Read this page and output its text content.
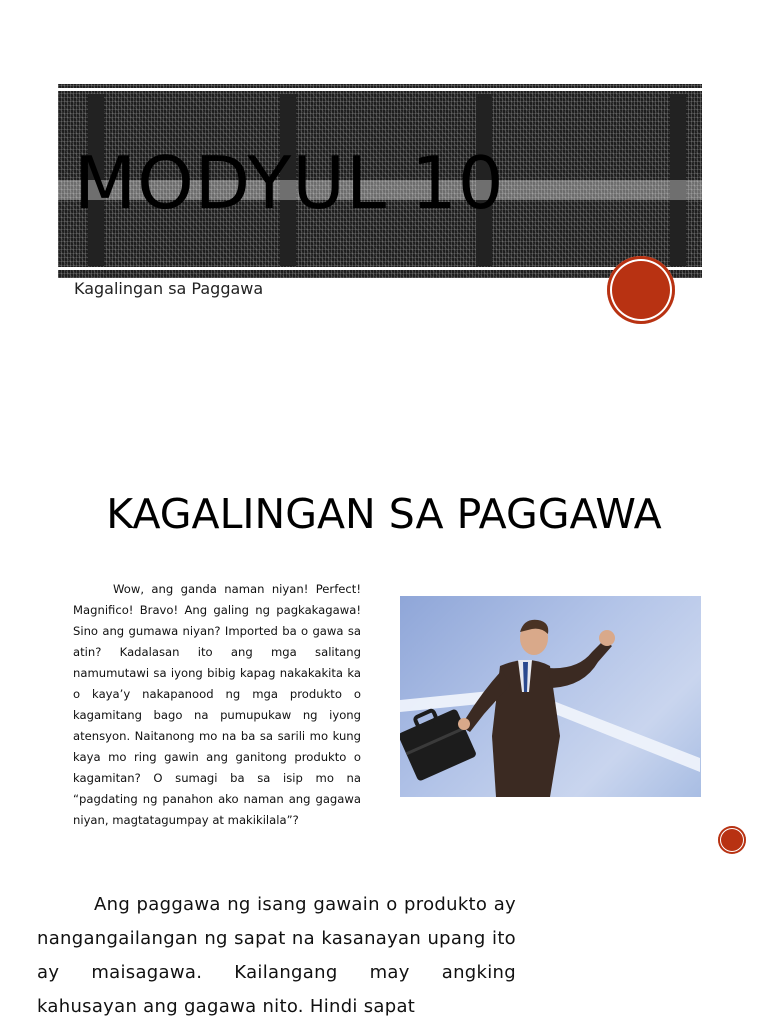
MODYUL 10

Kagalingan sa Paggawa

KAGALINGAN SA PAGGAWA

Wow, ang ganda naman niyan! Perfect! Magnifico! Bravo! Ang galing ng pagkakagawa! Sino ang gumawa niyan? Imported ba o gawa sa atin? Kadalasan ito ang mga salitang namumutawi sa iyong bibig kapag nakakakita ka o kaya’y nakapanood ng mga produkto o kagamitang bago na pumupukaw ng iyong atensyon. Naitanong mo na ba sa sarili mo kung kaya mo ring gawin ang ganitong produkto o kagamitan? O sumagi ba sa isip mo na “pagdating ng panahon ako naman ang gagawa niyan, magtatagumpay at makikilala”?

Ang paggawa ng isang gawain o produkto ay nangangailangan ng sapat na kasanayan upang ito ay maisagawa. Kailangang may angking kahusayan ang gagawa nito. Hindi sapat
